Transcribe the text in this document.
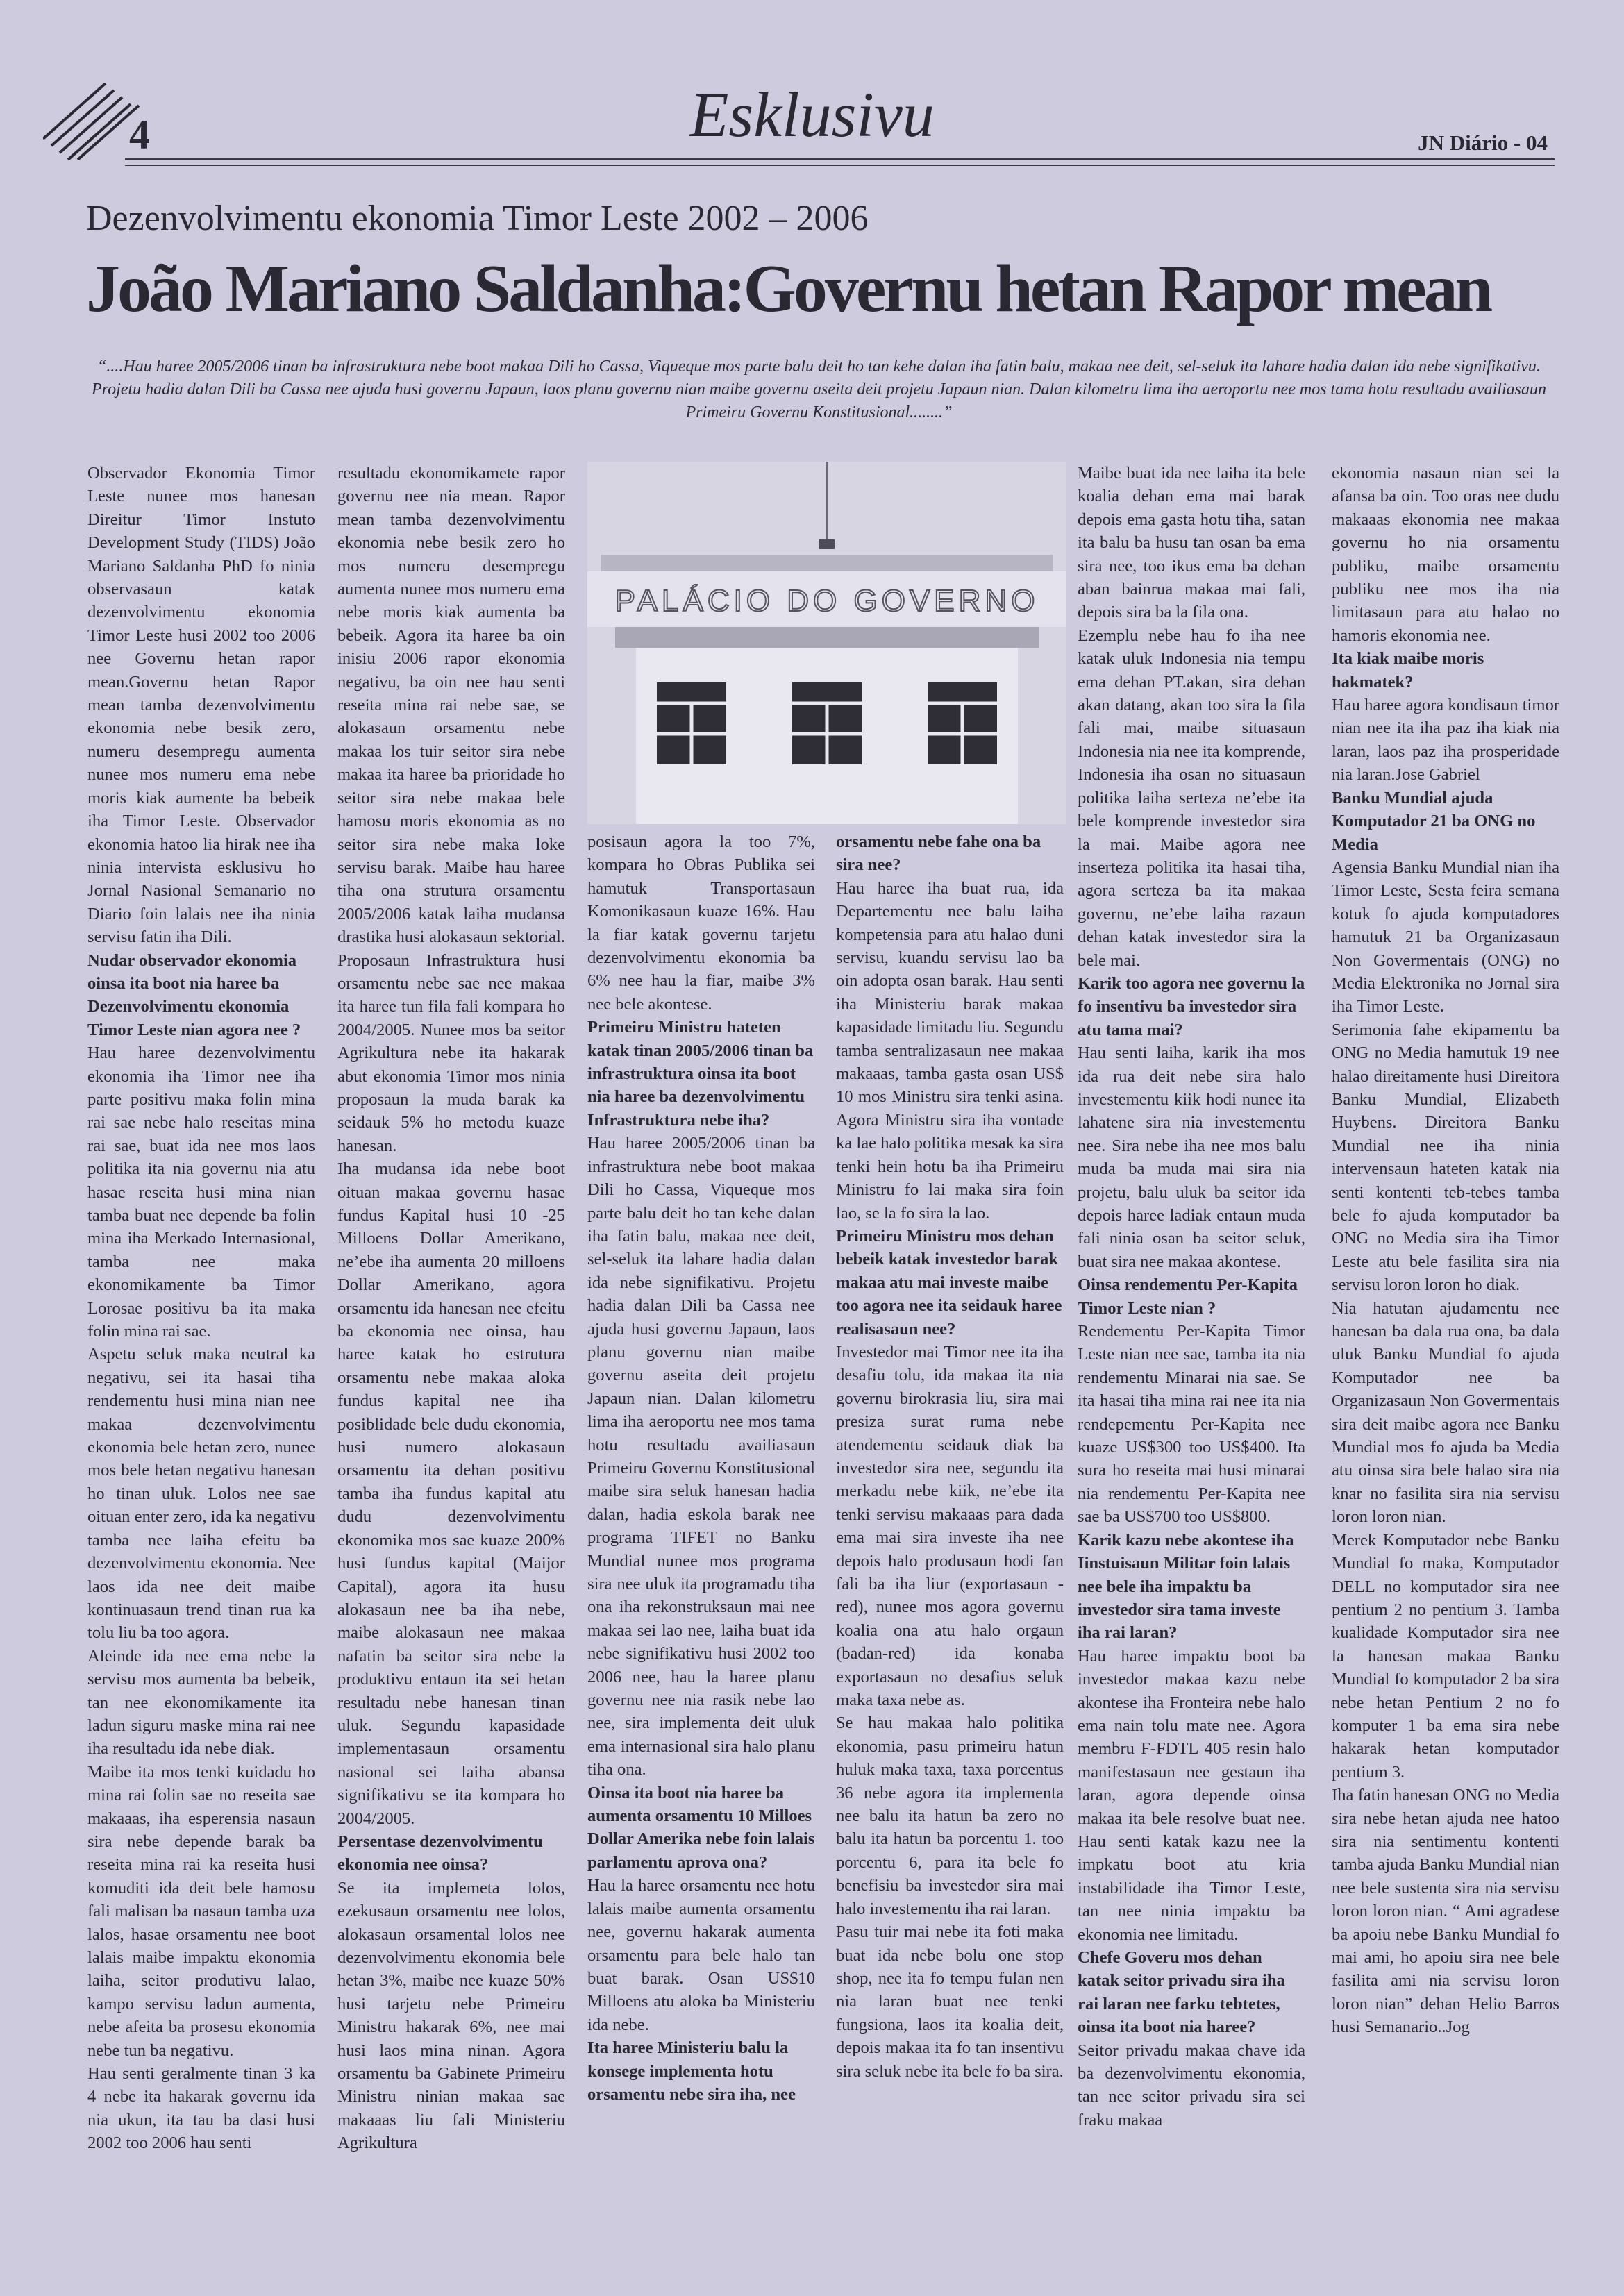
4	Esklusivu	JN Diário - 04
Dezenvolvimentu ekonomia Timor Leste 2002 – 2006
João Mariano Saldanha:Governu hetan Rapor mean
“....Hau haree 2005/2006 tinan ba infrastruktura nebe boot makaa Dili ho Cassa, Viqueque mos parte balu deit ho tan kehe dalan iha fatin balu, makaa nee deit, sel-seluk ita lahare hadia dalan ida nebe signifikativu. Projetu hadia dalan Dili ba Cassa nee ajuda husi governu Japaun, laos planu governu nian maibe governu aseita deit projetu Japaun nian. Dalan kilometru lima iha aeroportu nee mos tama hotu resultadu availiasaun Primeiru Governu Konstitusional........”
PALÁCIO DO GOVERNO

Observador Ekonomia Timor Leste nunee mos hanesan Direitur Timor Instuto Development Study (TIDS) João Mariano Saldanha PhD fo ninia observasaun katak dezenvolvimentu ekonomia Timor Leste husi 2002 too 2006 nee Governu hetan rapor mean.Governu hetan Rapor mean tamba dezenvolvimentu ekonomia nebe besik zero, numeru desempregu aumenta nunee mos numeru ema nebe moris kiak aumente ba bebeik iha Timor Leste. Observador ekonomia hatoo lia hirak nee iha ninia intervista esklusivu ho Jornal Nasional Semanario no Diario foin lalais nee iha ninia servisu fatin iha Dili.

Nudar observador ekonomia oinsa ita boot nia haree ba Dezenvolvimentu ekonomia Timor Leste nian agora nee ?

Hau haree dezenvolvimentu ekonomia iha Timor nee iha parte positivu maka folin mina rai sae nebe halo reseitas mina rai sae, buat ida nee mos laos politika ita nia governu nia atu hasae reseita husi mina nian tamba buat nee depende ba folin mina iha Merkado Internasional, tamba nee maka ekonomikamente ba Timor Lorosae positivu ba ita maka folin mina rai sae.

Aspetu seluk maka neutral ka negativu, sei ita hasai tiha rendementu husi mina nian nee makaa dezenvolvimentu ekonomia bele hetan zero, nunee mos bele hetan negativu hanesan ho tinan uluk. Lolos nee sae oituan enter zero, ida ka negativu tamba nee laiha efeitu ba dezenvolvimentu ekonomia. Nee laos ida nee deit maibe kontinuasaun trend tinan rua ka tolu liu ba too agora.

Aleinde ida nee ema nebe la servisu mos aumenta ba bebeik, tan nee ekonomikamente ita ladun siguru maske mina rai nee iha resultadu ida nebe diak.

Maibe ita mos tenki kuidadu ho mina rai folin sae no reseita sae makaaas, iha esperensia nasaun sira nebe depende barak ba reseita mina rai ka reseita husi komuditi ida deit bele hamosu fali malisan ba nasaun tamba uza lalos, hasae orsamentu nee boot lalais maibe impaktu ekonomia laiha, seitor produtivu lalao, kampo servisu ladun aumenta, nebe afeita ba prosesu ekonomia nebe tun ba negativu.

Hau senti geralmente tinan 3 ka 4 nebe ita hakarak governu ida nia ukun, ita tau ba dasi husi 2002 too 2006 hau senti

resultadu ekonomikamete rapor governu nee nia mean. Rapor mean tamba dezenvolvimentu ekonomia nebe besik zero ho mos numeru desempregu aumenta nunee mos numeru ema nebe moris kiak aumenta ba bebeik. Agora ita haree ba oin inisiu 2006 rapor ekonomia negativu, ba oin nee hau senti reseita mina rai nebe sae, se alokasaun orsamentu nebe makaa los tuir seitor sira nebe makaa ita haree ba prioridade ho seitor sira nebe makaa bele hamosu moris ekonomia as no seitor sira nebe maka loke servisu barak. Maibe hau haree tiha ona strutura orsamentu 2005/2006 katak laiha mudansa drastika husi alokasaun sektorial. Proposaun Infrastruktura husi orsamentu nebe sae nee makaa ita haree tun fila fali kompara ho 2004/2005. Nunee mos ba seitor Agrikultura nebe ita hakarak abut ekonomia Timor mos ninia proposaun la muda barak ka seidauk 5% ho metodu kuaze hanesan.

Iha mudansa ida nebe boot oituan makaa governu hasae fundus Kapital husi 10 -25 Milloens Dollar Amerikano, ne’ebe iha aumenta 20 milloens Dollar Amerikano, agora orsamentu ida hanesan nee efeitu ba ekonomia nee oinsa, hau haree katak ho estrutura orsamentu nebe makaa aloka fundus kapital nee iha posiblidade bele dudu ekonomia, husi numero alokasaun orsamentu ita dehan positivu tamba iha fundus kapital atu dudu dezenvolvimentu ekonomika mos sae kuaze 200% husi fundus kapital (Maijor Capital), agora ita husu alokasaun nee ba iha nebe, maibe alokasaun nee makaa nafatin ba seitor sira nebe la produktivu entaun ita sei hetan resultadu nebe hanesan tinan uluk. Segundu kapasidade implementasaun orsamentu nasional sei laiha abansa signifikativu se ita kompara ho 2004/2005.

Persentase dezenvolvimentu ekonomia nee oinsa?

Se ita implemeta lolos, ezekusaun orsamentu nee lolos, alokasaun orsamental lolos nee dezenvolvimentu ekonomia bele hetan 3%, maibe nee kuaze 50% husi tarjetu nebe Primeiru Ministru hakarak 6%, nee mai husi laos mina ninan. Agora orsamentu ba Gabinete Primeiru Ministru ninian makaa sae makaaas liu fali Ministeriu Agrikultura

posisaun agora la too 7%, kompara ho Obras Publika sei hamutuk Transportasaun Komonikasaun kuaze 16%. Hau la fiar katak governu tarjetu dezenvolvimentu ekonomia ba 6% nee hau la fiar, maibe 3% nee bele akontese.

Primeiru Ministru hateten katak tinan 2005/2006 tinan ba infrastruktura oinsa ita boot nia haree ba dezenvolvimentu Infrastruktura nebe iha?

Hau haree 2005/2006 tinan ba infrastruktura nebe boot makaa Dili ho Cassa, Viqueque mos parte balu deit ho tan kehe dalan iha fatin balu, makaa nee deit, sel-seluk ita lahare hadia dalan ida nebe signifikativu. Projetu hadia dalan Dili ba Cassa nee ajuda husi governu Japaun, laos planu governu nian maibe governu aseita deit projetu Japaun nian. Dalan kilometru lima iha aeroportu nee mos tama hotu resultadu availiasaun Primeiru Governu Konstitusional maibe sira seluk hanesan hadia dalan, hadia eskola barak nee programa TIFET no Banku Mundial nunee mos programa sira nee uluk ita programadu tiha ona iha rekonstruksaun mai nee makaa sei lao nee, laiha buat ida nebe signifikativu husi 2002 too 2006 nee, hau la haree planu governu nee nia rasik nebe lao nee, sira implementa deit uluk ema internasional sira halo planu tiha ona.

Oinsa ita boot nia haree ba aumenta orsamentu 10 Milloes Dollar Amerika nebe foin lalais parlamentu aprova ona?

Hau la haree orsamentu nee hotu lalais maibe aumenta orsamentu nee, governu hakarak aumenta orsamentu para bele halo tan buat barak. Osan US$10 Milloens atu aloka ba Ministeriu ida nebe.

Ita haree Ministeriu balu la konsege implementa hotu orsamentu nebe sira iha, nee

orsamentu nebe fahe ona ba sira nee?

Hau haree iha buat rua, ida Departementu nee balu laiha kompetensia para atu halao duni servisu, kuandu servisu lao ba oin adopta osan barak. Hau senti iha Ministeriu barak makaa kapasidade limitadu liu. Segundu tamba sentralizasaun nee makaa makaaas, tamba gasta osan US$ 10 mos Ministru sira tenki asina. Agora Ministru sira iha vontade ka lae halo politika mesak ka sira tenki hein hotu ba iha Primeiru Ministru fo lai maka sira foin lao, se la fo sira la lao.

Primeiru Ministru mos dehan bebeik katak investedor barak makaa atu mai investe maibe too agora nee ita seidauk haree realisasaun nee?

Investedor mai Timor nee ita iha desafiu tolu, ida makaa ita nia governu birokrasia liu, sira mai presiza surat ruma nebe atendementu seidauk diak ba investedor sira nee, segundu ita merkadu nebe kiik, ne’ebe ita tenki servisu makaaas para dada ema mai sira investe iha nee depois halo produsaun hodi fan fali ba iha liur (exportasaun -red), nunee mos agora governu koalia ona atu halo orgaun (badan-red) ida konaba exportasaun no desafius seluk maka taxa nebe as.

Se hau makaa halo politika ekonomia, pasu primeiru hatun huluk maka taxa, taxa porcentus 36 nebe agora ita implementa nee balu ita hatun ba zero no balu ita hatun ba porcentu 1. too porcentu 6, para ita bele fo benefisiu ba investedor sira mai halo investementu iha rai laran.

Pasu tuir mai nebe ita foti maka buat ida nebe bolu one stop shop, nee ita fo tempu fulan nen nia laran buat nee tenki fungsiona, laos ita koalia deit, depois makaa ita fo tan insentivu sira seluk nebe ita bele fo ba sira.

Maibe buat ida nee laiha ita bele koalia dehan ema mai barak depois ema gasta hotu tiha, satan ita balu ba husu tan osan ba ema sira nee, too ikus ema ba dehan aban bainrua makaa mai fali, depois sira ba la fila ona.

Ezemplu nebe hau fo iha nee katak uluk Indonesia nia tempu ema dehan PT.akan, sira dehan akan datang, akan too sira la fila fali mai, maibe situasaun Indonesia nia nee ita komprende, Indonesia iha osan no situasaun politika laiha serteza ne’ebe ita bele komprende investedor sira la mai. Maibe agora nee inserteza politika ita hasai tiha, agora serteza ba ita makaa governu, ne’ebe laiha razaun dehan katak investedor sira la bele mai.

Karik too agora nee governu la fo insentivu ba investedor sira atu tama mai?

Hau senti laiha, karik iha mos ida rua deit nebe sira halo investementu kiik hodi nunee ita lahatene sira nia investementu nee. Sira nebe iha nee mos balu muda ba muda mai sira nia projetu, balu uluk ba seitor ida depois haree ladiak entaun muda fali ninia osan ba seitor seluk, buat sira nee makaa akontese.

Oinsa rendementu Per-Kapita Timor Leste nian ?

Rendementu Per-Kapita Timor Leste nian nee sae, tamba ita nia rendementu Minarai nia sae. Se ita hasai tiha mina rai nee ita nia rendepementu Per-Kapita nee kuaze US$300 too US$400. Ita sura ho reseita mai husi minarai nia rendementu Per-Kapita nee sae ba US$700 too US$800.

Karik kazu nebe akontese iha Iinstuisaun Militar foin lalais nee bele iha impaktu ba investedor sira tama investe iha rai laran?

Hau haree impaktu boot ba investedor makaa kazu nebe akontese iha Fronteira nebe halo ema nain tolu mate nee. Agora membru F-FDTL 405 resin halo manifestasaun nee gestaun iha laran, agora depende oinsa makaa ita bele resolve buat nee. Hau senti katak kazu nee la impkatu boot atu kria instabilidade iha Timor Leste, tan nee ninia impaktu ba ekonomia nee limitadu.

Chefe Goveru mos dehan katak seitor privadu sira iha rai laran nee farku tebtetes, oinsa ita boot nia haree?

Seitor privadu makaa chave ida ba dezenvolvimentu ekonomia, tan nee seitor privadu sira sei fraku makaa

ekonomia nasaun nian sei la afansa ba oin. Too oras nee dudu makaaas ekonomia nee makaa governu ho nia orsamentu publiku, maibe orsamentu publiku nee mos iha nia limitasaun para atu halao no hamoris ekonomia nee.

Ita kiak maibe moris hakmatek?

Hau haree agora kondisaun timor nian nee ita iha paz iha kiak nia laran, laos paz iha prosperidade nia laran.Jose Gabriel

Banku Mundial ajuda Komputador 21 ba ONG no Media

Agensia Banku Mundial nian iha Timor Leste, Sesta feira semana kotuk fo ajuda komputadores hamutuk 21 ba Organizasaun Non Govermentais (ONG) no Media Elektronika no Jornal sira iha Timor Leste.

Serimonia fahe ekipamentu ba ONG no Media hamutuk 19 nee halao direitamente husi Direitora Banku Mundial, Elizabeth Huybens. Direitora Banku Mundial nee iha ninia intervensaun hateten katak nia senti kontenti teb-tebes tamba bele fo ajuda komputador ba ONG no Media sira iha Timor Leste atu bele fasilita sira nia servisu loron loron ho diak.

Nia hatutan ajudamentu nee hanesan ba dala rua ona, ba dala uluk Banku Mundial fo ajuda Komputador nee ba Organizasaun Non Govermentais sira deit maibe agora nee Banku Mundial mos fo ajuda ba Media atu oinsa sira bele halao sira nia knar no fasilita sira nia servisu loron loron nian.

Merek Komputador nebe Banku Mundial fo maka, Komputador DELL no komputador sira nee pentium 2 no pentium 3. Tamba kualidade Komputador sira nee la hanesan makaa Banku Mundial fo komputador 2 ba sira nebe hetan Pentium 2 no fo komputer 1 ba ema sira nebe hakarak hetan komputador pentium 3.

Iha fatin hanesan ONG no Media sira nebe hetan ajuda nee hatoo sira nia sentimentu kontenti tamba ajuda Banku Mundial nian nee bele sustenta sira nia servisu loron loron nian. “ Ami agradese ba apoiu nebe Banku Mundial fo mai ami, ho apoiu sira nee bele fasilita ami nia servisu loron loron nian” dehan Helio Barros husi Semanario..Jog
